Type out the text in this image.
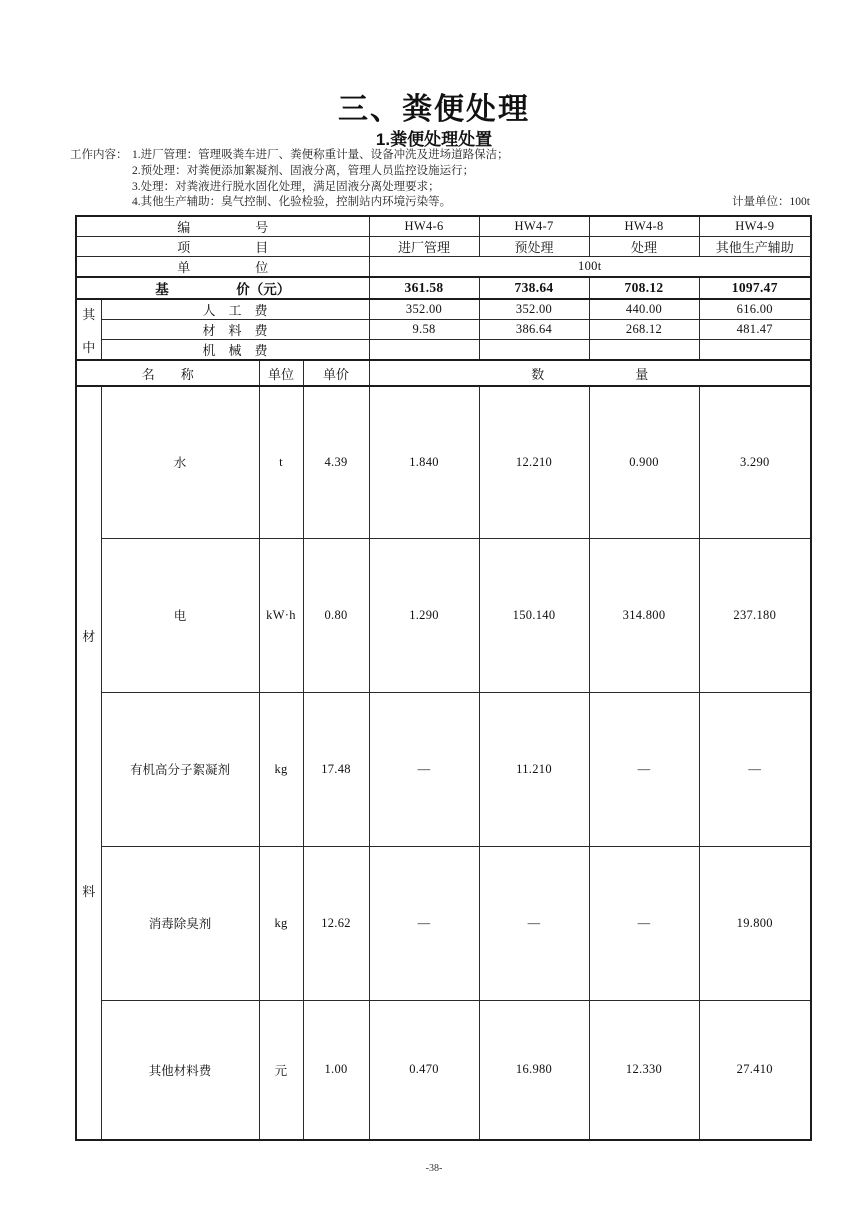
三、粪便处理
1.粪便处理处置
工作内容： 1.进厂管理：管理吸粪车进厂、粪便称重计量、设备冲洗及进场道路保洁；
2.预处理：对粪便添加絮凝剂、固液分离，管理人员监控设施运行；
3.处理：对粪液进行脱水固化处理，满足固液分离处理要求；
4.其他生产辅助：臭气控制、化验检验，控制站内环境污染等。	计量单位：100t
编　　　　　号				HW4-6	HW4-7	HW4-8	HW4-9
项　　　　　目				进厂管理	预处理	处理	其他生产辅助
单　　　　　位				100t			
基　　　　　价（元）				361.58	738.64	708.12	1097.47

其
中	人　工　费			352.00	352.00	440.00	616.00
	材　料　费			9.58	386.64	268.12	481.47
	机　械　费						
名　　称		单位	单价	数　　　　　　　量			

材
料	水	t	4.39	1.840	12.210	0.900	3.290
	电	kW·h	0.80	1.290	150.140	314.800	237.180
	有机高分子絮凝剂	kg	17.48	—	11.210	—	—
	消毒除臭剂	kg	12.62	—	—	—	19.800
	其他材料费	元	1.00	0.470	16.980	12.330	27.410
-38-
